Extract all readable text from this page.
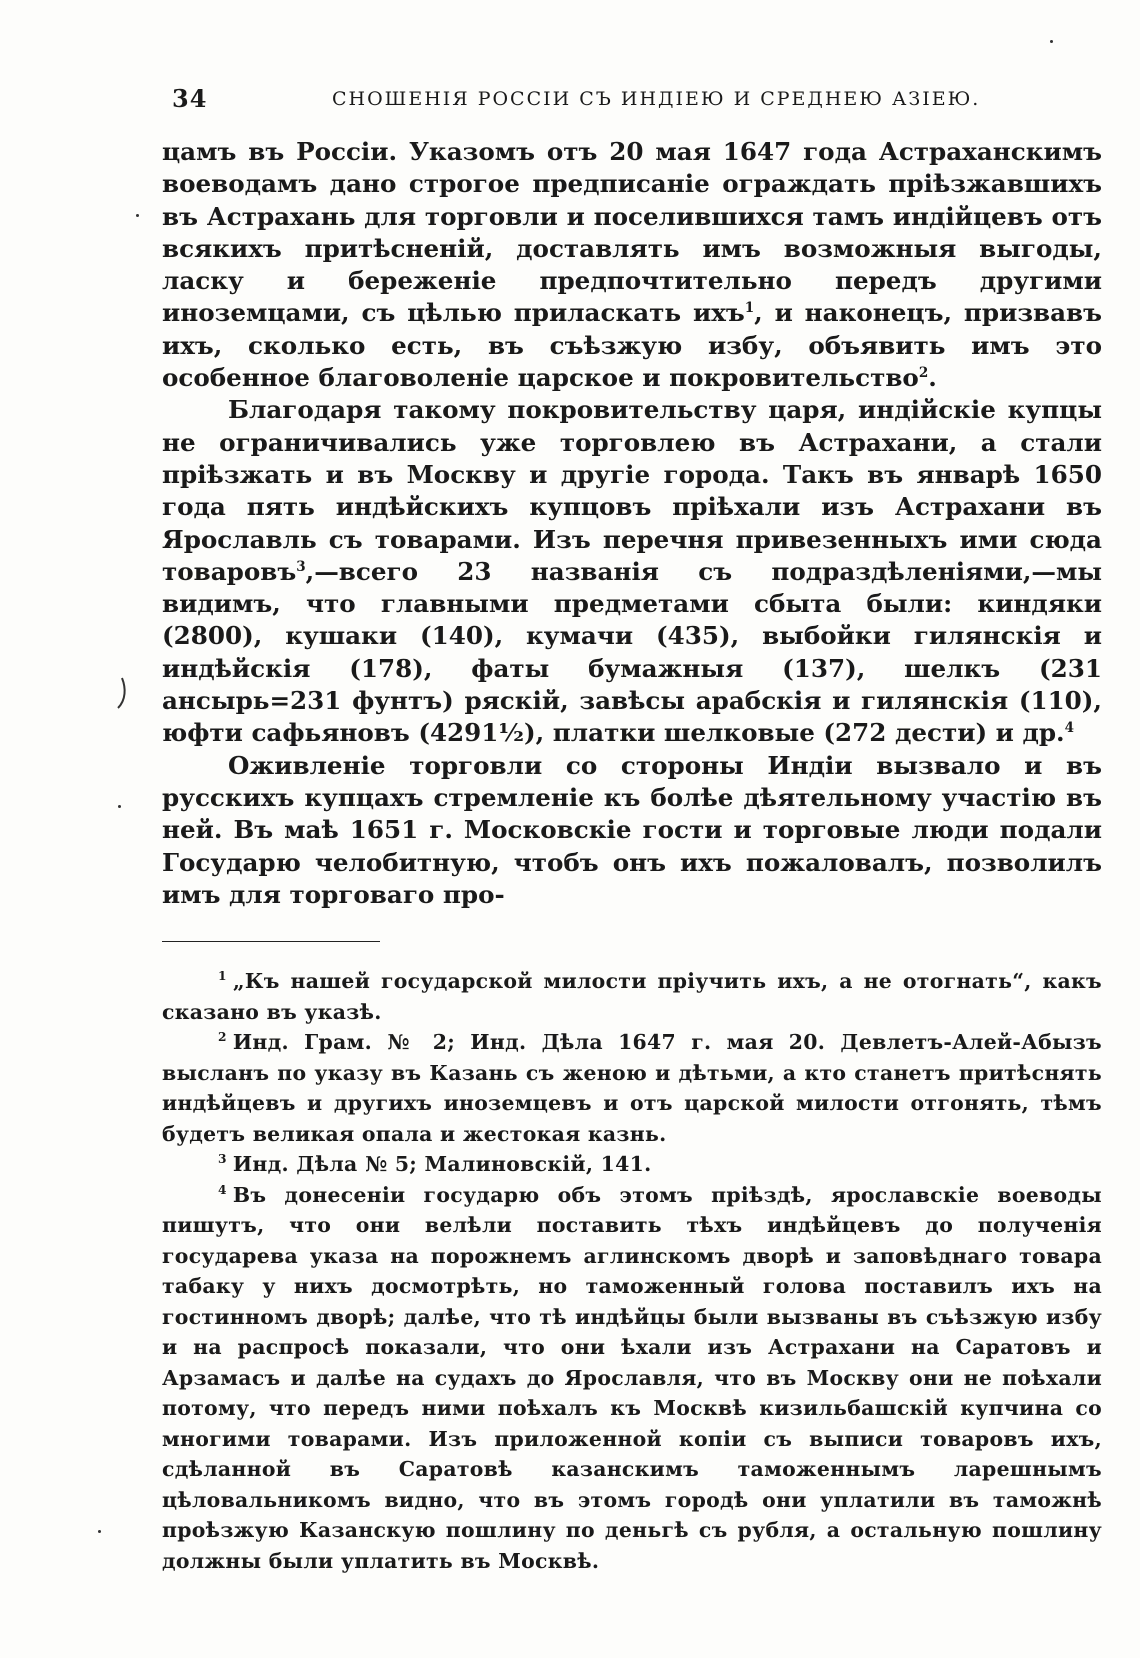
34	СНОШЕНІЯ РОССІИ СЪ ИНДІЕЮ И СРЕДНЕЮ АЗІЕЮ.

цамъ въ Россіи. Указомъ отъ 20 мая 1647 года Астраханскимъ воеводамъ дано строгое предписаніе ограждать пріѣзжавшихъ въ Астрахань для торговли и поселившихся тамъ индійцевъ отъ всякихъ притѣсненій, доставлять имъ возможныя выгоды, ласку и береженіе предпочтительно передъ другими иноземцами, съ цѣлью приласкать ихъ$^1$, и наконецъ, призвавъ ихъ, сколько есть, въ съѣзжую избу, объявить имъ это особенное благоволеніе царское и покровительство$^2$.

Благодаря такому покровительству царя, индійскіе купцы не ограничивались уже торговлею въ Астрахани, а стали пріѣзжать и въ Москву и другіе города. Такъ въ январѣ 1650 года пять индѣйскихъ купцовъ пріѣхали изъ Астрахани въ Ярославль съ товарами. Изъ перечня привезенныхъ ими сюда товаровъ$^3$,—всего 23 названія съ подраздѣленіями,—мы видимъ, что главными предметами сбыта были: киндяки (2800), кушаки (140), кумачи (435), выбойки гилянскія и индѣйскія (178), фаты бумажныя (137), шелкъ (231 ансырь=231 фунтъ) ряскій, завѣсы арабскія и гилянскія (110), юфти сафьяновъ (4291½), платки шелковые (272 дести) и др.$^4$

Оживленіе торговли со стороны Индіи вызвало и въ русскихъ купцахъ стремленіе къ болѣе дѣятельному участію въ ней. Въ маѣ 1651 г. Московскіе гости и торговые люди подали Государю челобитную, чтобъ онъ ихъ пожаловалъ, позволилъ имъ для торговаго про-

$^1$ „Къ нашей государской милости пріучить ихъ, а не отогнать“, какъ сказано въ указѣ.

$^2$ Инд. Грам. № 2; Инд. Дѣла 1647 г. мая 20. Девлетъ-Алей-Абызъ высланъ по указу въ Казань съ женою и дѣтьми, а кто станетъ притѣснять индѣйцевъ и другихъ иноземцевъ и отъ царской милости отгонять, тѣмъ будетъ великая опала и жестокая казнь.

$^3$ Инд. Дѣла № 5; Малиновскій, 141.

$^4$ Въ донесеніи государю объ этомъ пріѣздѣ, ярославскіе воеводы пишутъ, что они велѣли поставить тѣхъ индѣйцевъ до полученія государева указа на порожнемъ аглинскомъ дворѣ и заповѣднаго товара табаку у нихъ досмотрѣть, но таможенный голова поставилъ ихъ на гостинномъ дворѣ; далѣе, что тѣ индѣйцы были вызваны въ съѣзжую избу и на распросѣ показали, что они ѣхали изъ Астрахани на Саратовъ и Арзамасъ и далѣе на судахъ до Ярославля, что въ Москву они не поѣхали потому, что передъ ними поѣхалъ къ Москвѣ кизильбашскій купчина со многими товарами. Изъ приложенной копіи съ выписи товаровъ ихъ, сдѣланной въ Саратовѣ казанскимъ таможеннымъ ларешнымъ цѣловальникомъ видно, что въ этомъ городѣ они уплатили въ таможнѣ проѣзжую Казанскую пошлину по деньгѣ съ рубля, а остальную пошлину должны были уплатить въ Москвѣ.
